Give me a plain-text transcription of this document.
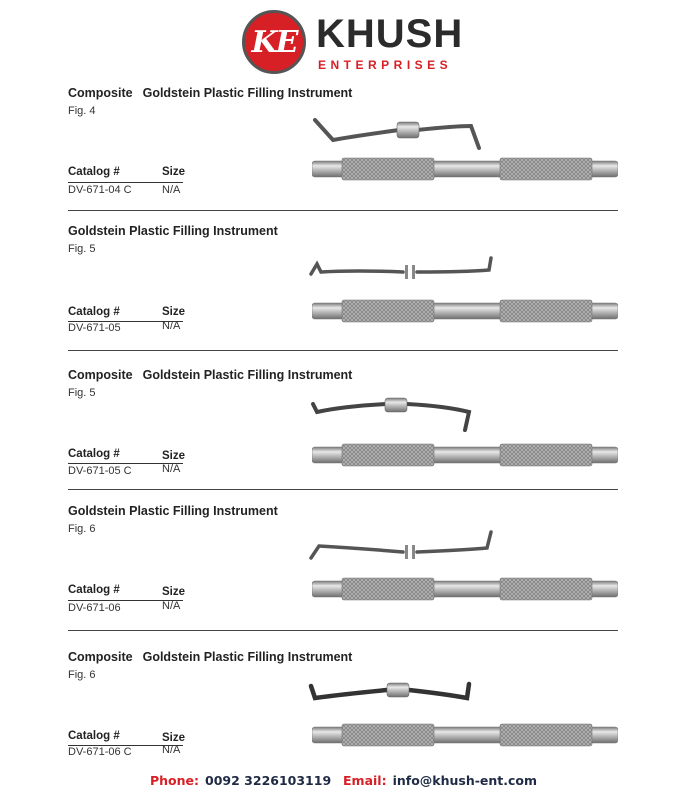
KE KHUSH
ENTERPRISES
Composite Goldstein Plastic Filling Instrument
Fig. 4
Catalog #	Size
DV-671-04 C	N/A
Goldstein Plastic Filling Instrument
Fig. 5
Catalog #	Size
DV-671-05	N/A
Composite Goldstein Plastic Filling Instrument
Fig. 5
Catalog #	Size
DV-671-05 C	N/A
Goldstein Plastic Filling Instrument
Fig. 6
Catalog #	Size
DV-671-06	N/A
Composite Goldstein Plastic Filling Instrument
Fig. 6
Catalog #	Size
DV-671-06 C	N/A
Phone: 0092 3226103119 Email: info@khush-ent.com
